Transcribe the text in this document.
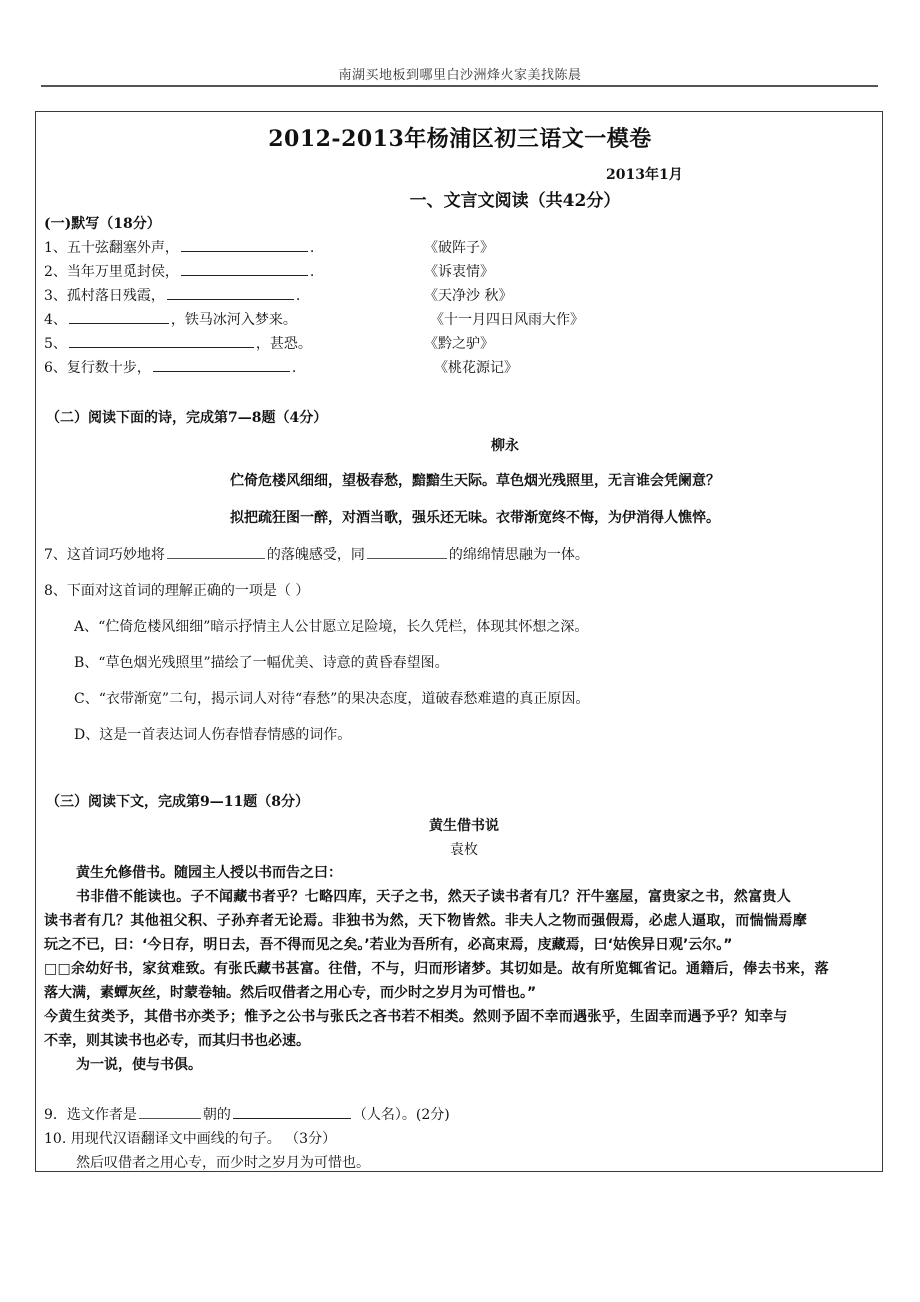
南湖买地板到哪里白沙洲烽火家美找陈晨
2012-2013年杨浦区初三语文一模卷
2013年1月
一、文言文阅读（共42分）
(一)默写（18分）
1、五十弦翻塞外声，	.	《破阵子》
2、当年万里觅封侯，	.	《诉衷情》
3、孤村落日残霞，	.	《天净沙 秋》
4、	，铁马冰河入梦来。	《十一月四日风雨大作》
5、	，甚恐。	《黔之驴》
6、复行数十步，	.	《桃花源记》
（二）阅读下面的诗，完成第7—8题（4分）
柳永
伫倚危楼风细细，望极春愁，黯黯生天际。草色烟光残照里，无言谁会凭阑意？
拟把疏狂图一醉，对酒当歌，强乐还无味。衣带渐宽终不悔，为伊消得人憔悴。
7、这首词巧妙地将	的落魄感受，同	的绵绵情思融为一体。
8、下面对这首词的理解正确的一项是（ ）
A、“伫倚危楼风细细”暗示抒情主人公甘愿立足险境，长久凭栏，体现其怀想之深。
B、“草色烟光残照里”描绘了一幅优美、诗意的黄昏春望图。
C、“衣带渐宽”二句，揭示词人对待“春愁”的果决态度，道破春愁难遣的真正原因。
D、这是一首表达词人伤春惜春情感的词作。
（三）阅读下文，完成第9—11题（8分）
黄生借书说
袁枚
黄生允修借书。随园主人授以书而告之曰：
书非借不能读也。子不闻藏书者乎？七略四库，天子之书，然天子读书者有几？汗牛塞屋，富贵家之书，然富贵人
读书者有几？其他祖父积、子孙弃者无论焉。非独书为然，天下物皆然。非夫人之物而强假焉，必虑人逼取，而惴惴焉摩
玩之不已，曰：‘今日存，明日去，吾不得而见之矣。’若业为吾所有，必高束焉，庋藏焉，曰‘姑俟异日观’云尔。”
□□余幼好书，家贫难致。有张氏藏书甚富。往借，不与，归而形诸梦。其切如是。故有所览辄省记。通籍后，俸去书来，落
落大满，素蟫灰丝，时蒙卷轴。然后叹借者之用心专，而少时之岁月为可惜也。”
今黄生贫类予，其借书亦类予；惟予之公书与张氏之吝书若不相类。然则予固不幸而遇张乎，生固幸而遇予乎？知幸与
不幸，则其读书也必专，而其归书也必速。
为一说，使与书俱。
9．选文作者是	朝的	（人名）。(2分)
10. 用现代汉语翻译文中画线的句子。 （3分）
然后叹借者之用心专，而少时之岁月为可惜也。
